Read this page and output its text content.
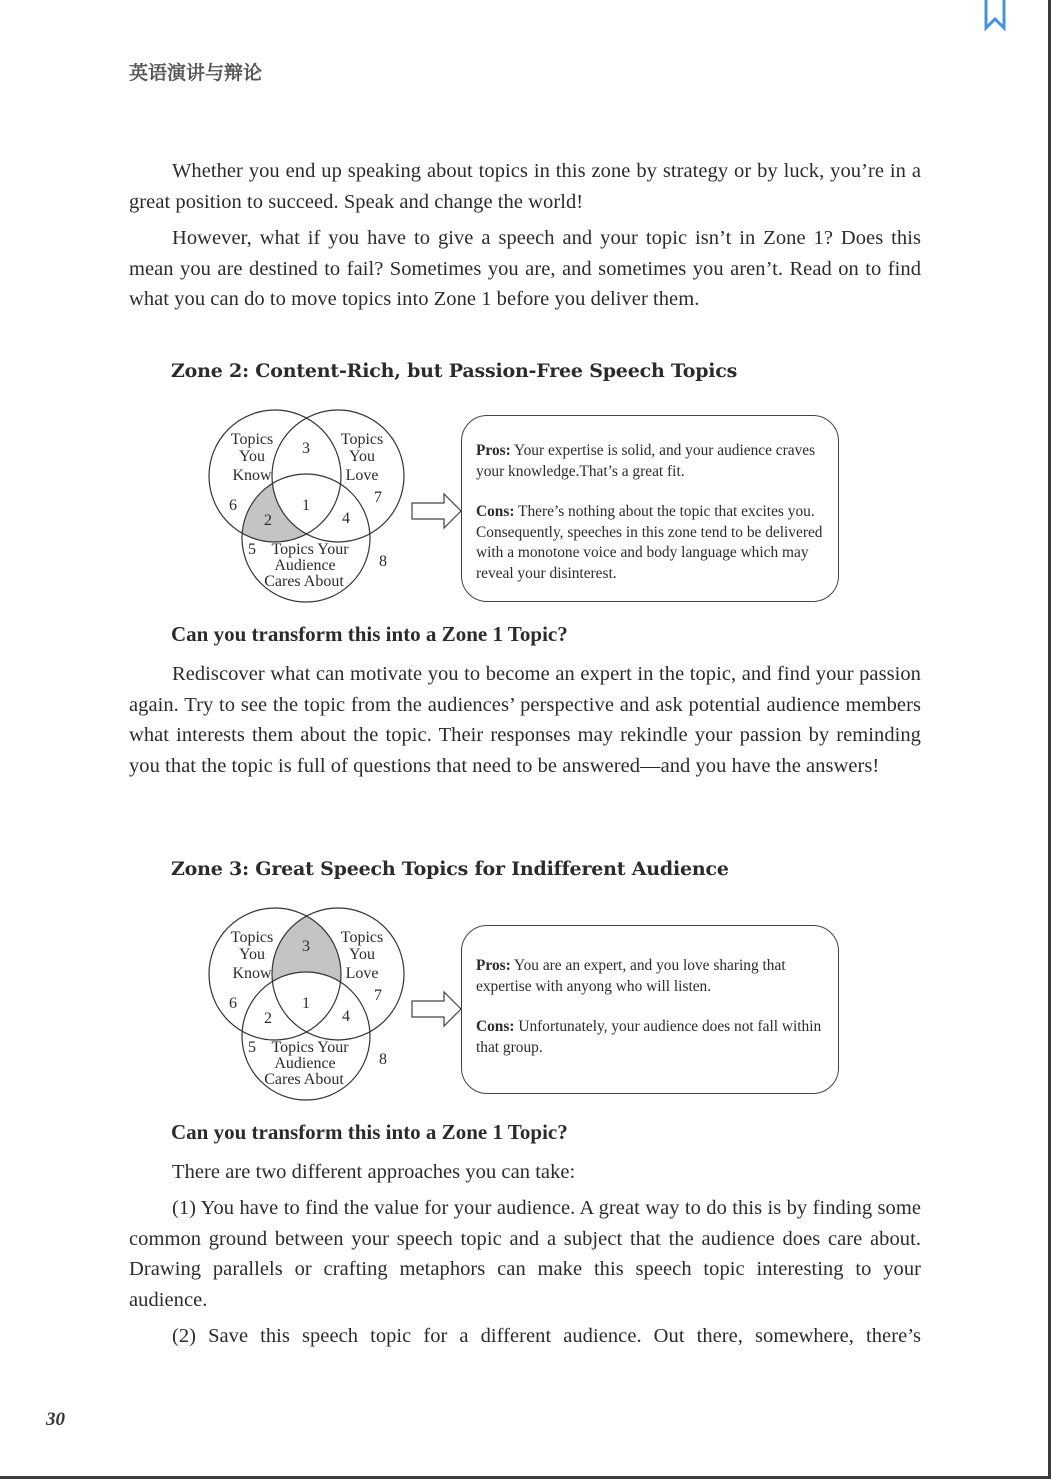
英语演讲与辩论
Whether you end up speaking about topics in this zone by strategy or by luck, you’re in a great position to succeed. Speak and change the world!
However, what if you have to give a speech and your topic isn’t in Zone 1? Does this mean you are destined to fail? Sometimes you are, and sometimes you aren’t. Read on to find what you can do to move topics into Zone 1 before you deliver them.
Zone 2: Content-Rich, but Passion-Free Speech Topics
Topics
You
Know
Topics
You
Love
Topics Your
Audience
Cares About
1
2
3
4
5
6	7
8

Pros: Your expertise is solid, and your audience craves your knowledge.That’s a great fit.

Cons: There’s nothing about the topic that excites you. Consequently, speeches in this zone tend to be delivered with a monotone voice and body language which may reveal your disinterest.

Can you transform this into a Zone 1 Topic?
Rediscover what can motivate you to become an expert in the topic, and find your passion again. Try to see the topic from the audiences’ perspective and ask potential audience members what interests them about the topic. Their responses may rekindle your passion by reminding you that the topic is full of questions that need to be answered—and you have the answers!
Zone 3: Great Speech Topics for Indifferent Audience
Topics
You
Know
Topics
You
Love
Topics Your
Audience
Cares About
1
2
3
4
5
6	7
8

Pros: You are an expert, and you love sharing that expertise with anyong who will listen.

Cons: Unfortunately, your audience does not fall within that group.

Can you transform this into a Zone 1 Topic?
There are two different approaches you can take:
(1) You have to find the value for your audience. A great way to do this is by finding some common ground between your speech topic and a subject that the audience does care about. Drawing parallels or crafting metaphors can make this speech topic interesting to your audience.
(2) Save this speech topic for a different audience. Out there, somewhere, there’s
30
